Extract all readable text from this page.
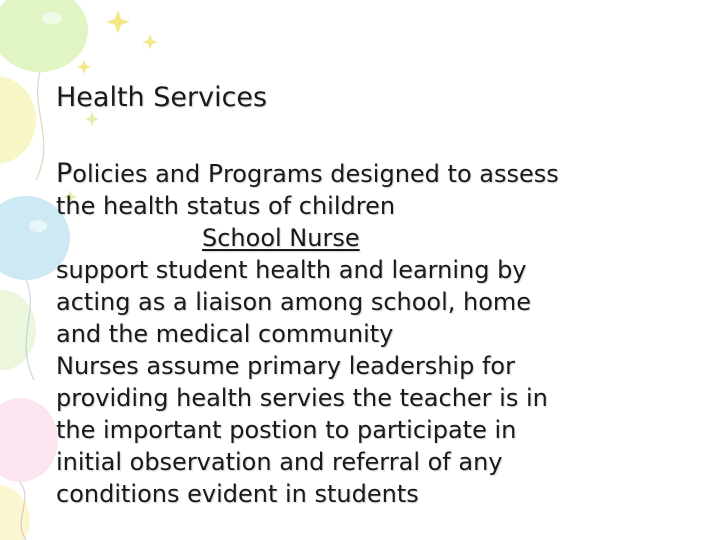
Health Services
Policies and Programs designed to assess
the health status of children
School Nurse
support student health and learning by
acting as a liaison among school, home
and the medical community
Nurses assume primary leadership for
providing health servies the teacher is in
the important postion to participate in
initial observation and referral of any
conditions evident in students
